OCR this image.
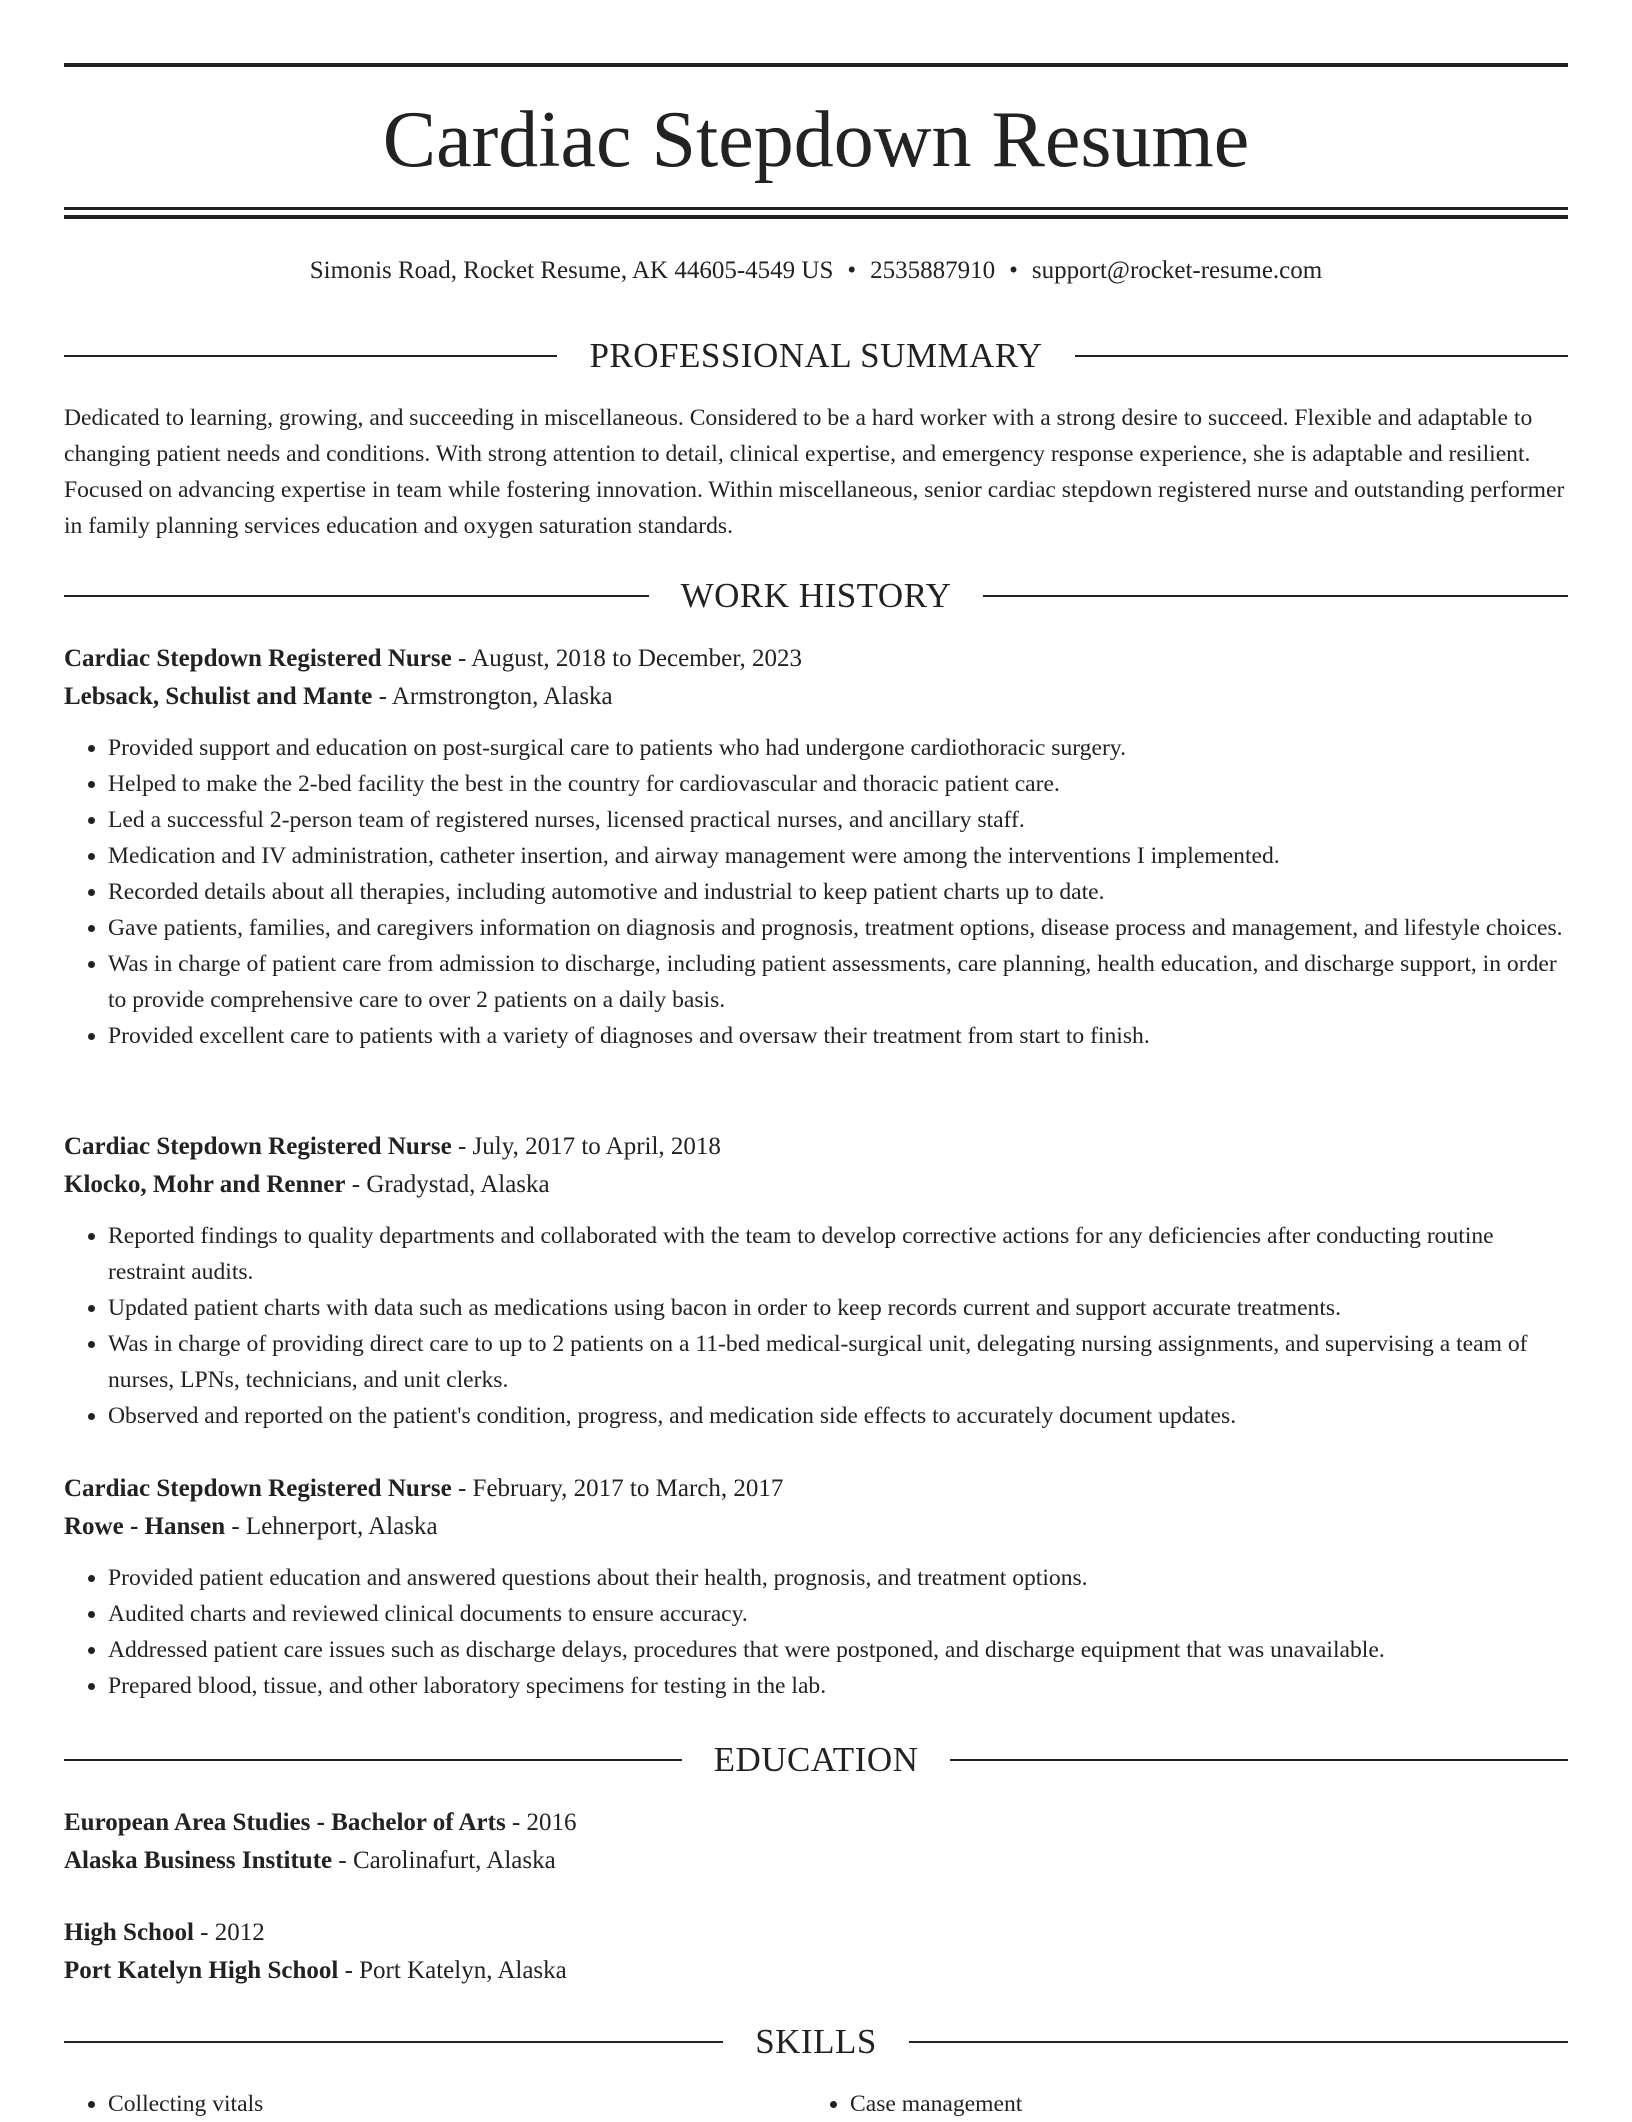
Cardiac Stepdown Resume
Simonis Road, Rocket Resume, AK 44605-4549 US • 2535887910 • support@rocket-resume.com
PROFESSIONAL SUMMARY

Dedicated to learning, growing, and succeeding in miscellaneous. Considered to be a hard worker with a strong desire to succeed. Flexible and adaptable to changing patient needs and conditions. With strong attention to detail, clinical expertise, and emergency response experience, she is adaptable and resilient. Focused on advancing expertise in team while fostering innovation. Within miscellaneous, senior cardiac stepdown registered nurse and outstanding performer in family planning services education and oxygen saturation standards.

WORK HISTORY
Cardiac Stepdown Registered Nurse - August, 2018 to December, 2023
Lebsack, Schulist and Mante - Armstrongton, Alaska
• Provided support and education on post-surgical care to patients who had undergone cardiothoracic surgery.
• Helped to make the 2-bed facility the best in the country for cardiovascular and thoracic patient care.
• Led a successful 2-person team of registered nurses, licensed practical nurses, and ancillary staff.
• Medication and IV administration, catheter insertion, and airway management were among the interventions I implemented.
• Recorded details about all therapies, including automotive and industrial to keep patient charts up to date.
• Gave patients, families, and caregivers information on diagnosis and prognosis, treatment options, disease process and management, and lifestyle choices.
• Was in charge of patient care from admission to discharge, including patient assessments, care planning, health education, and discharge support, in order to provide comprehensive care to over 2 patients on a daily basis.
• Provided excellent care to patients with a variety of diagnoses and oversaw their treatment from start to finish.
Cardiac Stepdown Registered Nurse - July, 2017 to April, 2018
Klocko, Mohr and Renner - Gradystad, Alaska
• Reported findings to quality departments and collaborated with the team to develop corrective actions for any deficiencies after conducting routine restraint audits.
• Updated patient charts with data such as medications using bacon in order to keep records current and support accurate treatments.
• Was in charge of providing direct care to up to 2 patients on a 11-bed medical-surgical unit, delegating nursing assignments, and supervising a team of nurses, LPNs, technicians, and unit clerks.
• Observed and reported on the patient's condition, progress, and medication side effects to accurately document updates.
Cardiac Stepdown Registered Nurse - February, 2017 to March, 2017
Rowe - Hansen - Lehnerport, Alaska
• Provided patient education and answered questions about their health, prognosis, and treatment options.
• Audited charts and reviewed clinical documents to ensure accuracy.
• Addressed patient care issues such as discharge delays, procedures that were postponed, and discharge equipment that was unavailable.
• Prepared blood, tissue, and other laboratory specimens for testing in the lab.
EDUCATION
European Area Studies - Bachelor of Arts - 2016
Alaska Business Institute - Carolinafurt, Alaska
High School - 2012
Port Katelyn High School - Port Katelyn, Alaska
SKILLS
• Collecting vitals
•	Case management
